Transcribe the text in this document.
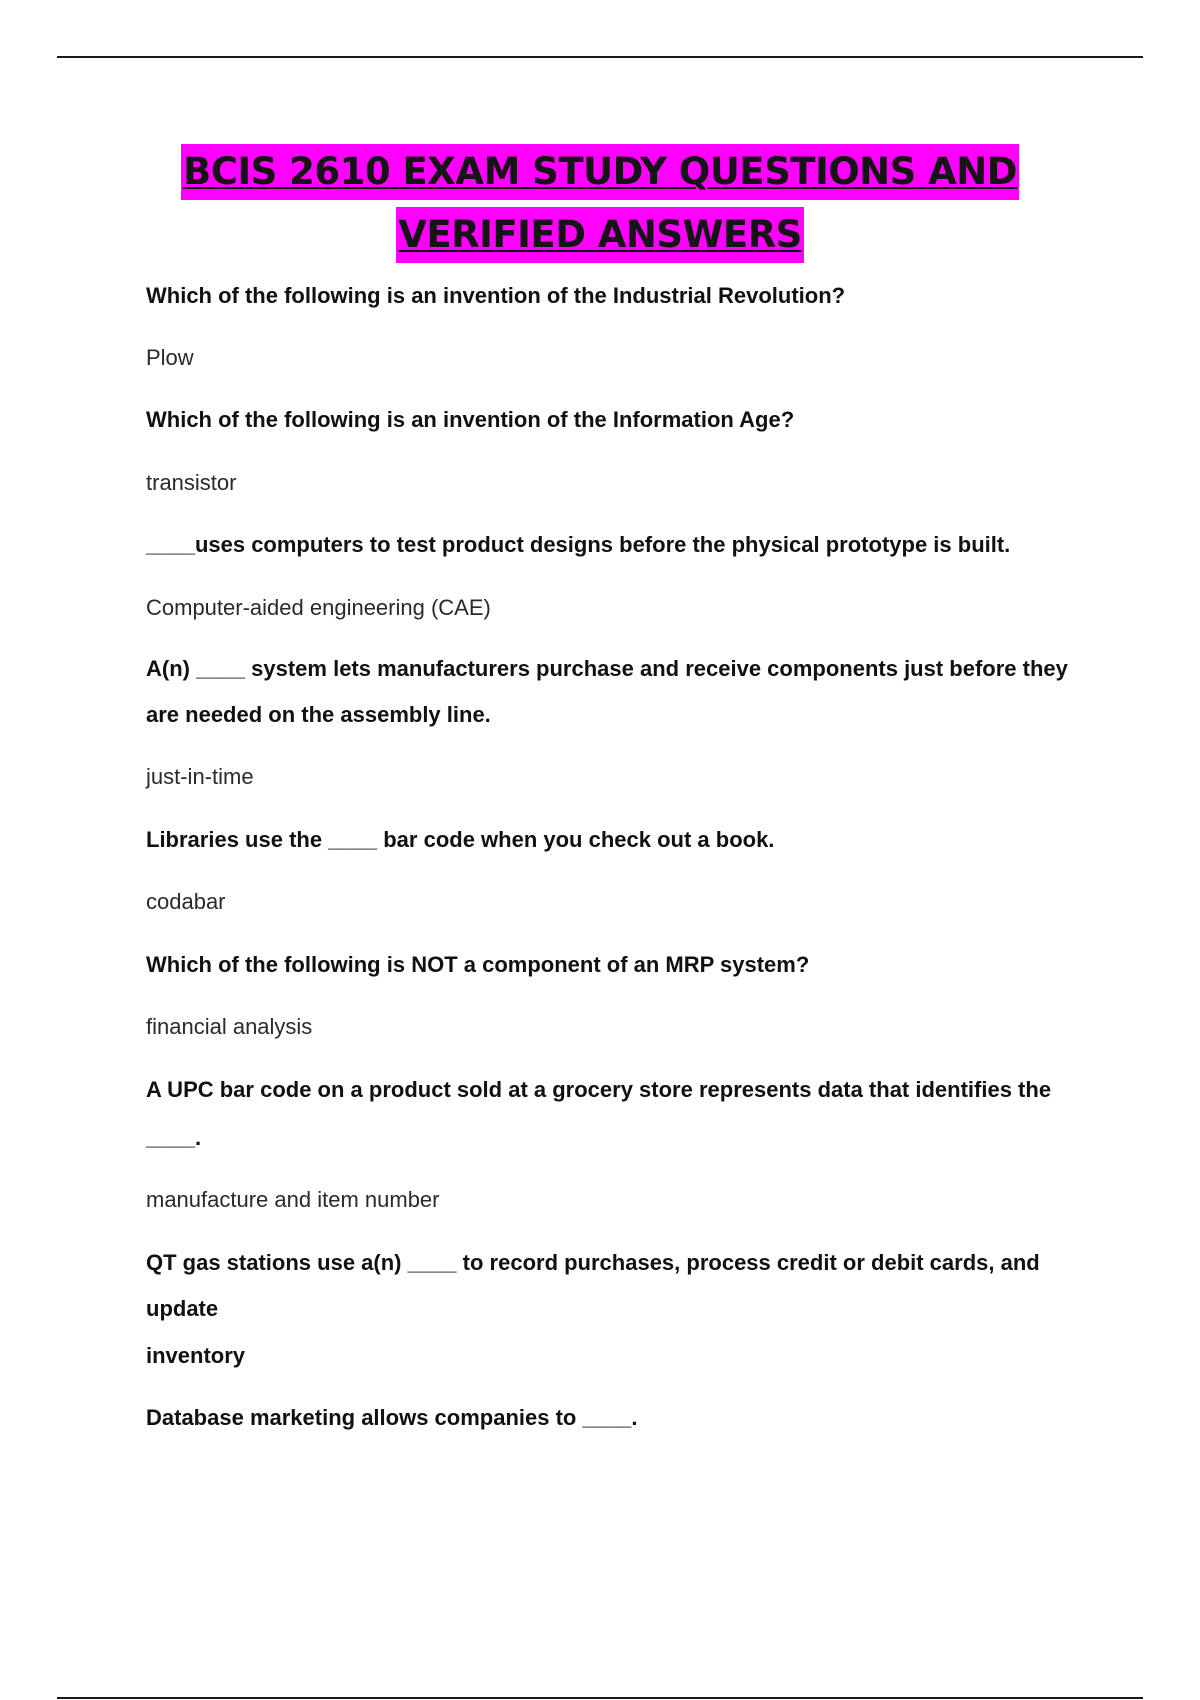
BCIS 2610 EXAM STUDY QUESTIONS AND
VERIFIED ANSWERS
Which of the following is an invention of the Industrial Revolution?
Plow
Which of the following is an invention of the Information Age?
transistor
____uses computers to test product designs before the physical prototype is built.
Computer-aided engineering (CAE)
A(n) ____ system lets manufacturers purchase and receive components just before they
are needed on the assembly line.
just-in-time
Libraries use the ____ bar code when you check out a book.
codabar
Which of the following is NOT a component of an MRP system?
financial analysis
A UPC bar code on a product sold at a grocery store represents data that identifies the
____.
manufacture and item number
QT gas stations use a(n) ____ to record purchases, process credit or debit cards, and
update
inventory
Database marketing allows companies to ____.
